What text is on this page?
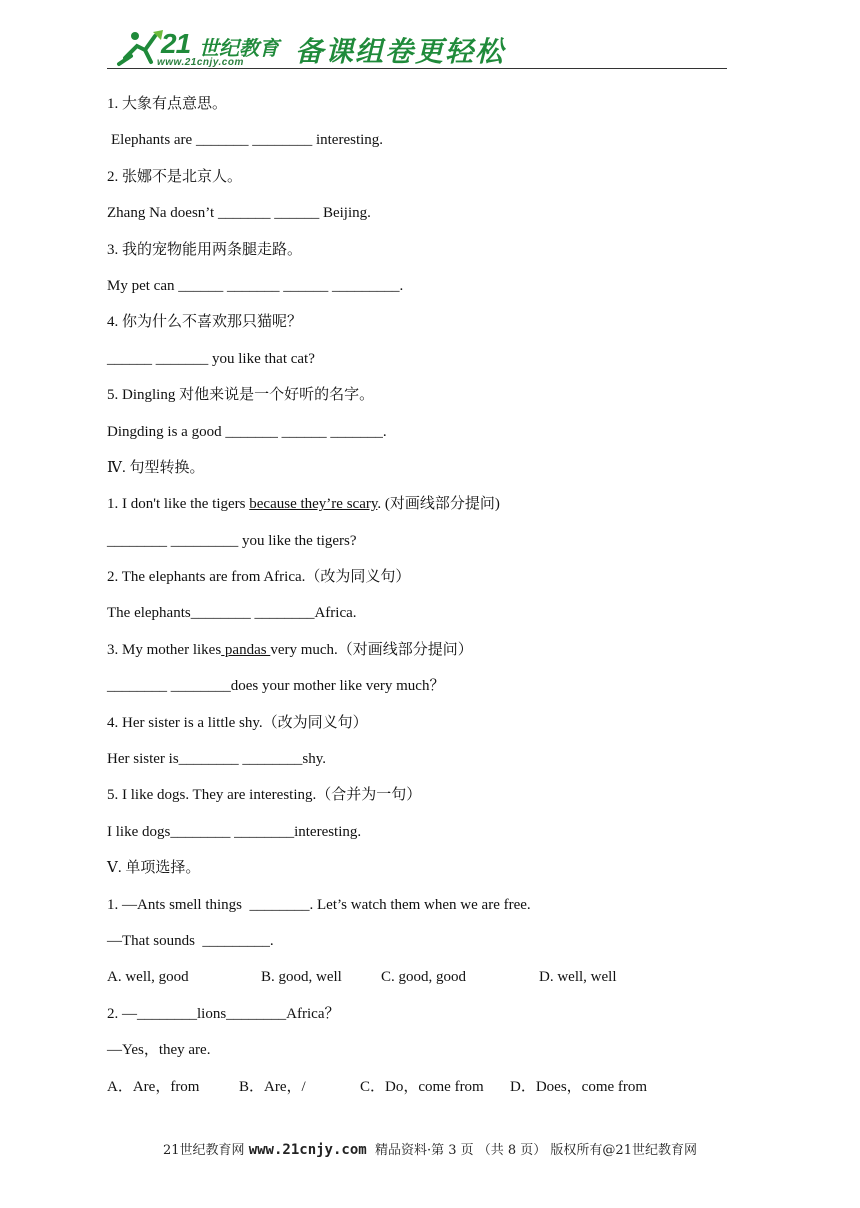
21 世纪教育
www.21cnjy.com 备课组卷更轻松
1. 大象有点意思。
Elephants are _______ ________ interesting.
2. 张娜不是北京人。
Zhang Na doesn’t _______ ______ Beijing.
3. 我的宠物能用两条腿走路。
My pet can ______ _______ ______ _________.
4. 你为什么不喜欢那只猫呢？
______ _______ you like that cat?
5. Dingling 对他来说是一个好听的名字。
Dingding is a good _______ ______ _______.
Ⅳ. 句型转换。
1. I don't like the tigers because they’re scary. (对画线部分提问)
________ _________ you like the tigers?
2. The elephants are from Africa.（改为同义句）
The elephants________ ________Africa.
3. My mother likes pandas very much.（对画线部分提问）
________ ________does your mother like very much？
4. Her sister is a little shy.（改为同义句）
Her sister is________ ________shy.
5. I like dogs. They are interesting.（合并为一句）
I like dogs________ ________interesting.
Ⅴ. 单项选择。
1. —Ants smell things  ________. Let’s watch them when we are free.
—That sounds  _________.

A. well, good

	B. good, well

	C. good, good

	D. well, well

2. —________lions________Africa？
—Yes，they are.

A．Are，from

	B．Are，/

	C．Do，come from

D．Does，come from

21世纪教育网 www.21cnjy.com  精品资料·第 3 页 （共 8 页） 版权所有@21世纪教育网
